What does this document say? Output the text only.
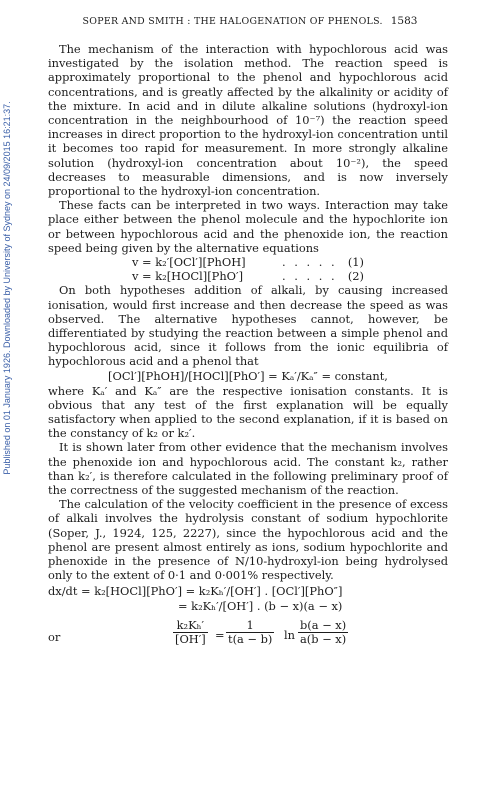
SOPER AND SMITH : THE HALOGENATION OF PHENOLS. 1583
Published on 01 January 1926. Downloaded by University of Sydney on 24/09/2015 16:21:37.

The mechanism of the interaction with hypochlorous acid was investigated by the isolation method. The reaction speed is approximately proportional to the phenol and hypochlorous acid concentrations, and is greatly affected by the alkalinity or acidity of the mixture. In acid and in dilute alkaline solutions (hydroxyl-ion concentration in the neighbourhood of 10⁻⁷) the reaction speed increases in direct proportion to the hydroxyl-ion concentration until it becomes too rapid for measurement. In more strongly alkaline solution (hydroxyl-ion concentration about 10⁻²), the speed decreases to measurable dimensions, and is now inversely proportional to the hydroxyl-ion concentration.

These facts can be interpreted in two ways. Interaction may take place either between the phenol molecule and the hypochlorite ion or between hypochlorous acid and the phenoxide ion, the reaction speed being given by the alternative equations

v = k₂′[OCl′][PhOH]	. . . . . (1)
v = k₂[HOCl][PhO′]	. . . . . (2)

On both hypotheses addition of alkali, by causing increased ionisation, would first increase and then decrease the speed as was observed. The alternative hypotheses cannot, however, be differentiated by studying the reaction between a simple phenol and hypochlorous acid, since it follows from the ionic equilibria of hypochlorous acid and a phenol that

[OCl′][PhOH]/[HOCl][PhO′] = Kₐ′/Kₐ″ = constant,

where Kₐ′ and Kₐ″ are the respective ionisation constants. It is obvious that any test of the first explanation will be equally satisfactory when applied to the second explanation, if it is based on the constancy of k₂ or k₂′.

It is shown later from other evidence that the mechanism involves the phenoxide ion and hypochlorous acid. The constant k₂, rather than k₂′, is therefore calculated in the following preliminary proof of the correctness of the suggested mechanism of the reaction.

The calculation of the velocity coefficient in the presence of excess of alkali involves the hydrolysis constant of sodium hypochlorite (Soper, J., 1924, 125, 2227), since the hypochlorous acid and the phenol are present almost entirely as ions, sodium hypochlorite and phenoxide in the presence of N/10-hydroxyl-ion being hydrolysed only to the extent of 0·1 and 0·001% respectively.

dx/dt = k₂[HOCl][PhO′] = k₂Kₕ′/[OH′] . [OCl′][PhO″]
= k₂Kₕ′/[OH′] . (b − x)(a − x)
or	$\frac{\text{k₂Kₕ′}}{[OH']} = \frac{1}{t(a - b)}$ $\ln \frac{b(a - x)}{a(b - x)}$
